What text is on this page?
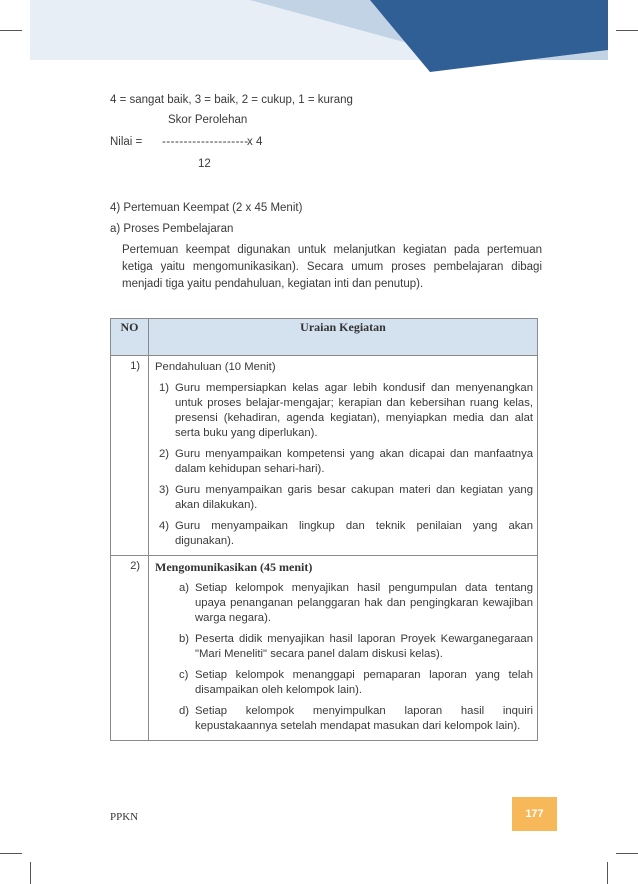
4 = sangat baik, 3 = baik, 2 = cukup, 1 = kurang
Skor Perolehan
Nilai = --------------------
x 4
12
4) Pertemuan Keempat (2 x 45 Menit)
a) Proses Pembelajaran
Pertemuan keempat digunakan untuk melanjutkan kegiatan pada pertemuan ketiga yaitu mengomunikasikan). Secara umum proses pembelajaran dibagi menjadi tiga yaitu pendahuluan, kegiatan inti dan penutup).
NO	Uraian Kegiatan
1)	Pendahuluan (10 Menit)
1) Guru mempersiapkan kelas agar lebih kondusif dan menyenangkan untuk proses belajar-mengajar; kerapian dan kebersihan ruang kelas, presensi (kehadiran, agenda kegiatan), menyiapkan media dan alat serta buku yang diperlukan).
2) Guru menyampaikan kompetensi yang akan dicapai dan manfaatnya dalam kehidupan sehari-hari).
3) Guru menyampaikan garis besar cakupan materi dan kegiatan yang akan dilakukan).
4) Guru menyampaikan lingkup dan teknik penilaian yang akan digunakan).

2)	Mengomunikasikan (45 menit)
a) Setiap kelompok menyajikan hasil pengumpulan data tentang upaya penanganan pelanggaran hak dan pengingkaran kewajiban warga negara).
b) Peserta didik menyajikan hasil laporan Proyek Kewarganegaraan "Mari Meneliti" secara panel dalam diskusi kelas).
c) Setiap kelompok menanggapi pemaparan laporan yang telah disampaikan oleh kelompok lain).
d) Setiap kelompok menyimpulkan laporan hasil inquiri kepustakaannya setelah mendapat masukan dari kelompok lain).
PPKN	177
